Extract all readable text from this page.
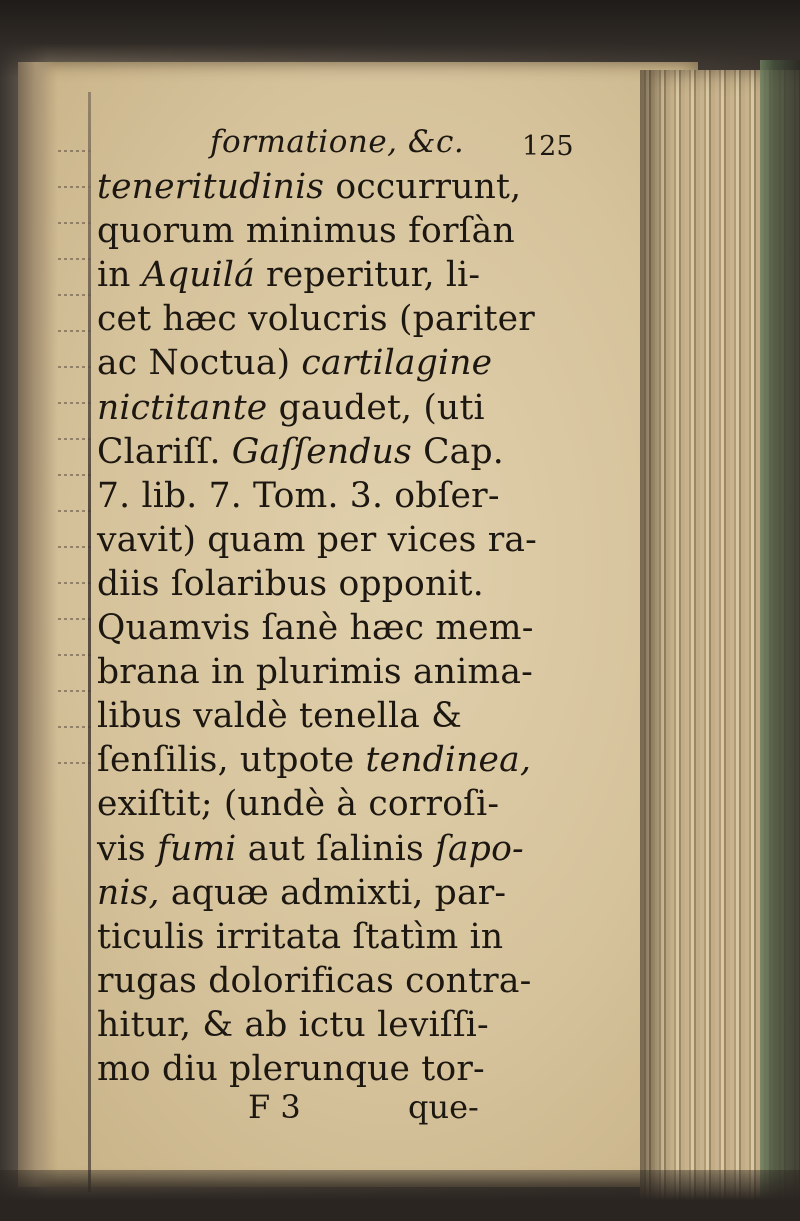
formatione, &c. 125
teneritudinis occurrunt,
quorum minimus forſàn
in Aquilá reperitur, li-
cet hæc volucris (pariter
ac Noctua) cartilagine
nictitante gaudet, (uti
Clariſſ. Gaſſendus Cap.
7. lib. 7. Tom. 3. obſer-
vavit) quam per vices ra-
diis ſolaribus opponit.
Quamvis ſanè hæc mem-
brana in plurimis anima-
libus valdè tenella &
ſenſilis, utpote tendinea,
exiſtit; (undè à corroſi-
vis fumi aut ſalinis ſapo-
nis, aquæ admixti, par-
ticulis irritata ſtatìm in
rugas dolorificas contra-
hitur, & ab ictu leviſſi-
mo diu plerunque tor-
F 3	que-
